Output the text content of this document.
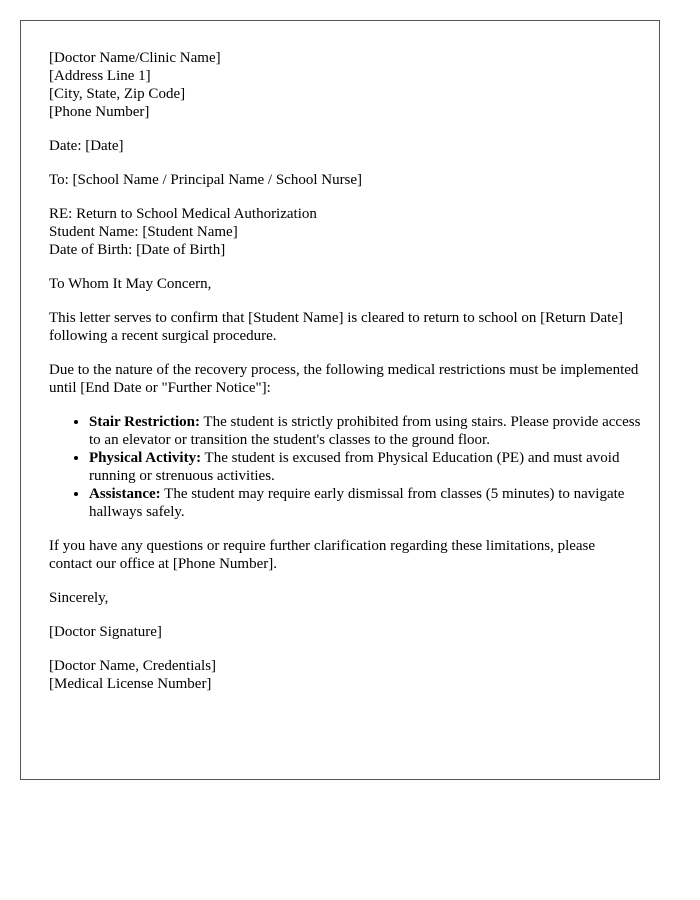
[Doctor Name/Clinic Name]
[Address Line 1]
[City, State, Zip Code]
[Phone Number]
Date: [Date]
To: [School Name / Principal Name / School Nurse]
RE: Return to School Medical Authorization
Student Name: [Student Name]
Date of Birth: [Date of Birth]
To Whom It May Concern,

This letter serves to confirm that [Student Name] is cleared to return to school on [Return Date] following a recent surgical procedure.

Due to the nature of the recovery process, the following medical restrictions must be implemented until [End Date or "Further Notice"]:

• Stair Restriction: The student is strictly prohibited from using stairs. Please provide access to an elevator or transition the student's classes to the ground floor.
• Physical Activity: The student is excused from Physical Education (PE) and must avoid running or strenuous activities.
• Assistance: The student may require early dismissal from classes (5 minutes) to navigate hallways safely.

If you have any questions or require further clarification regarding these limitations, please contact our office at [Phone Number].

Sincerely,
[Doctor Signature]
[Doctor Name, Credentials]
[Medical License Number]
